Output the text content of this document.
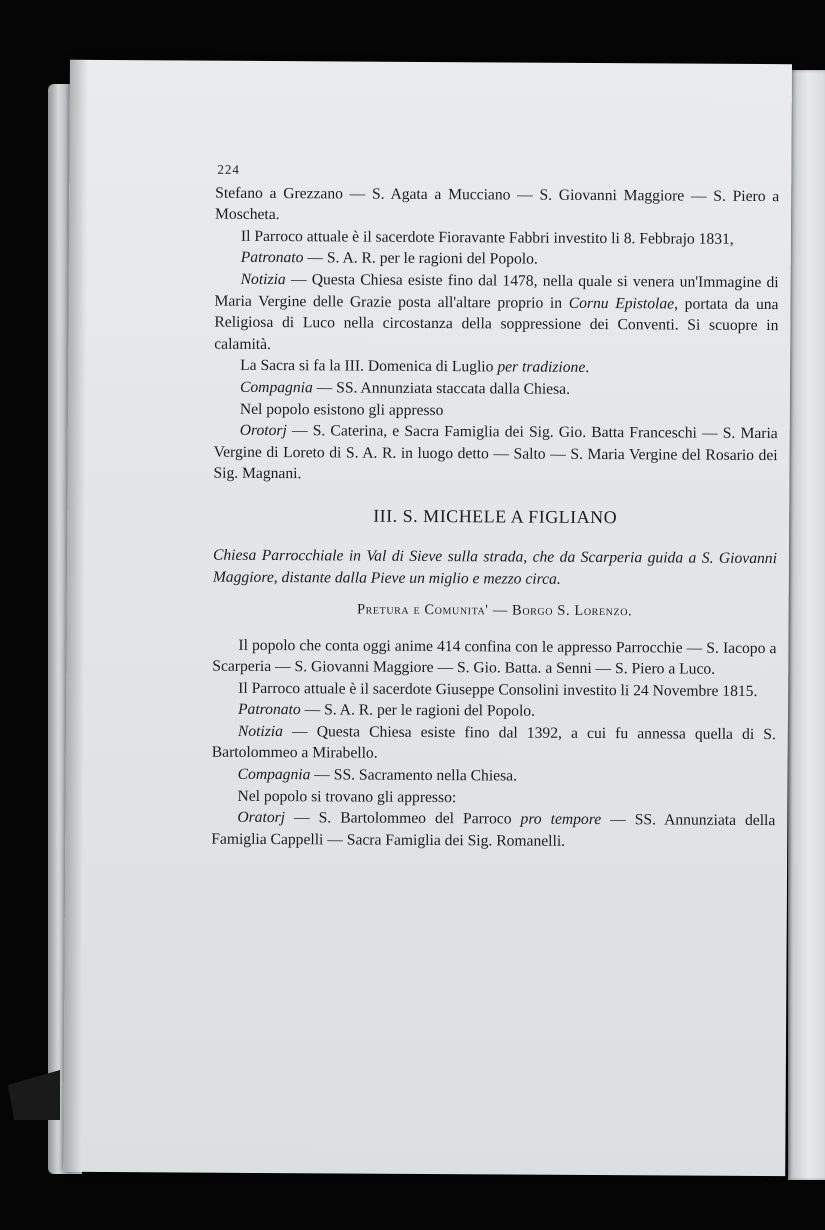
224

Stefano a Grezzano — S. Agata a Mucciano — S. Giovanni Maggiore — S. Piero a Moscheta.

Il Parroco attuale è il sacerdote Fioravante Fabbri investito li 8. Febbrajo 1831,

Patronato — S. A. R. per le ragioni del Popolo.

Notizia — Questa Chiesa esiste fino dal 1478, nella quale si venera un'Immagine di Maria Vergine delle Grazie posta all'altare proprio in Cornu Epistolae, portata da una Religiosa di Luco nella circostanza della soppressione dei Conventi. Si scuopre in calamità.

La Sacra si fa la III. Domenica di Luglio per tradizione.

Compagnia — SS. Annunziata staccata dalla Chiesa.

Nel popolo esistono gli appresso

Orotorj — S. Caterina, e Sacra Famiglia dei Sig. Gio. Batta Franceschi — S. Maria Vergine di Loreto di S. A. R. in luogo detto — Salto — S. Maria Vergine del Rosario dei Sig. Magnani.

III. S. MICHELE A FIGLIANO

Chiesa Parrocchiale in Val di Sieve sulla strada, che da Scarperia guida a S. Giovanni Maggiore, distante dalla Pieve un miglio e mezzo circa.

Pretura e Comunita' — Borgo S. Lorenzo.

Il popolo che conta oggi anime 414 confina con le appresso Parrocchie — S. Iacopo a Scarperia — S. Giovanni Maggiore — S. Gio. Batta. a Senni — S. Piero a Luco.

Il Parroco attuale è il sacerdote Giuseppe Consolini investito li 24 Novembre 1815.

Patronato — S. A. R. per le ragioni del Popolo.

Notizia — Questa Chiesa esiste fino dal 1392, a cui fu annessa quella di S. Bartolommeo a Mirabello.

Compagnia — SS. Sacramento nella Chiesa.

Nel popolo si trovano gli appresso:

Oratorj — S. Bartolommeo del Parroco pro tempore — SS. Annunziata della Famiglia Cappelli — Sacra Famiglia dei Sig. Romanelli.
